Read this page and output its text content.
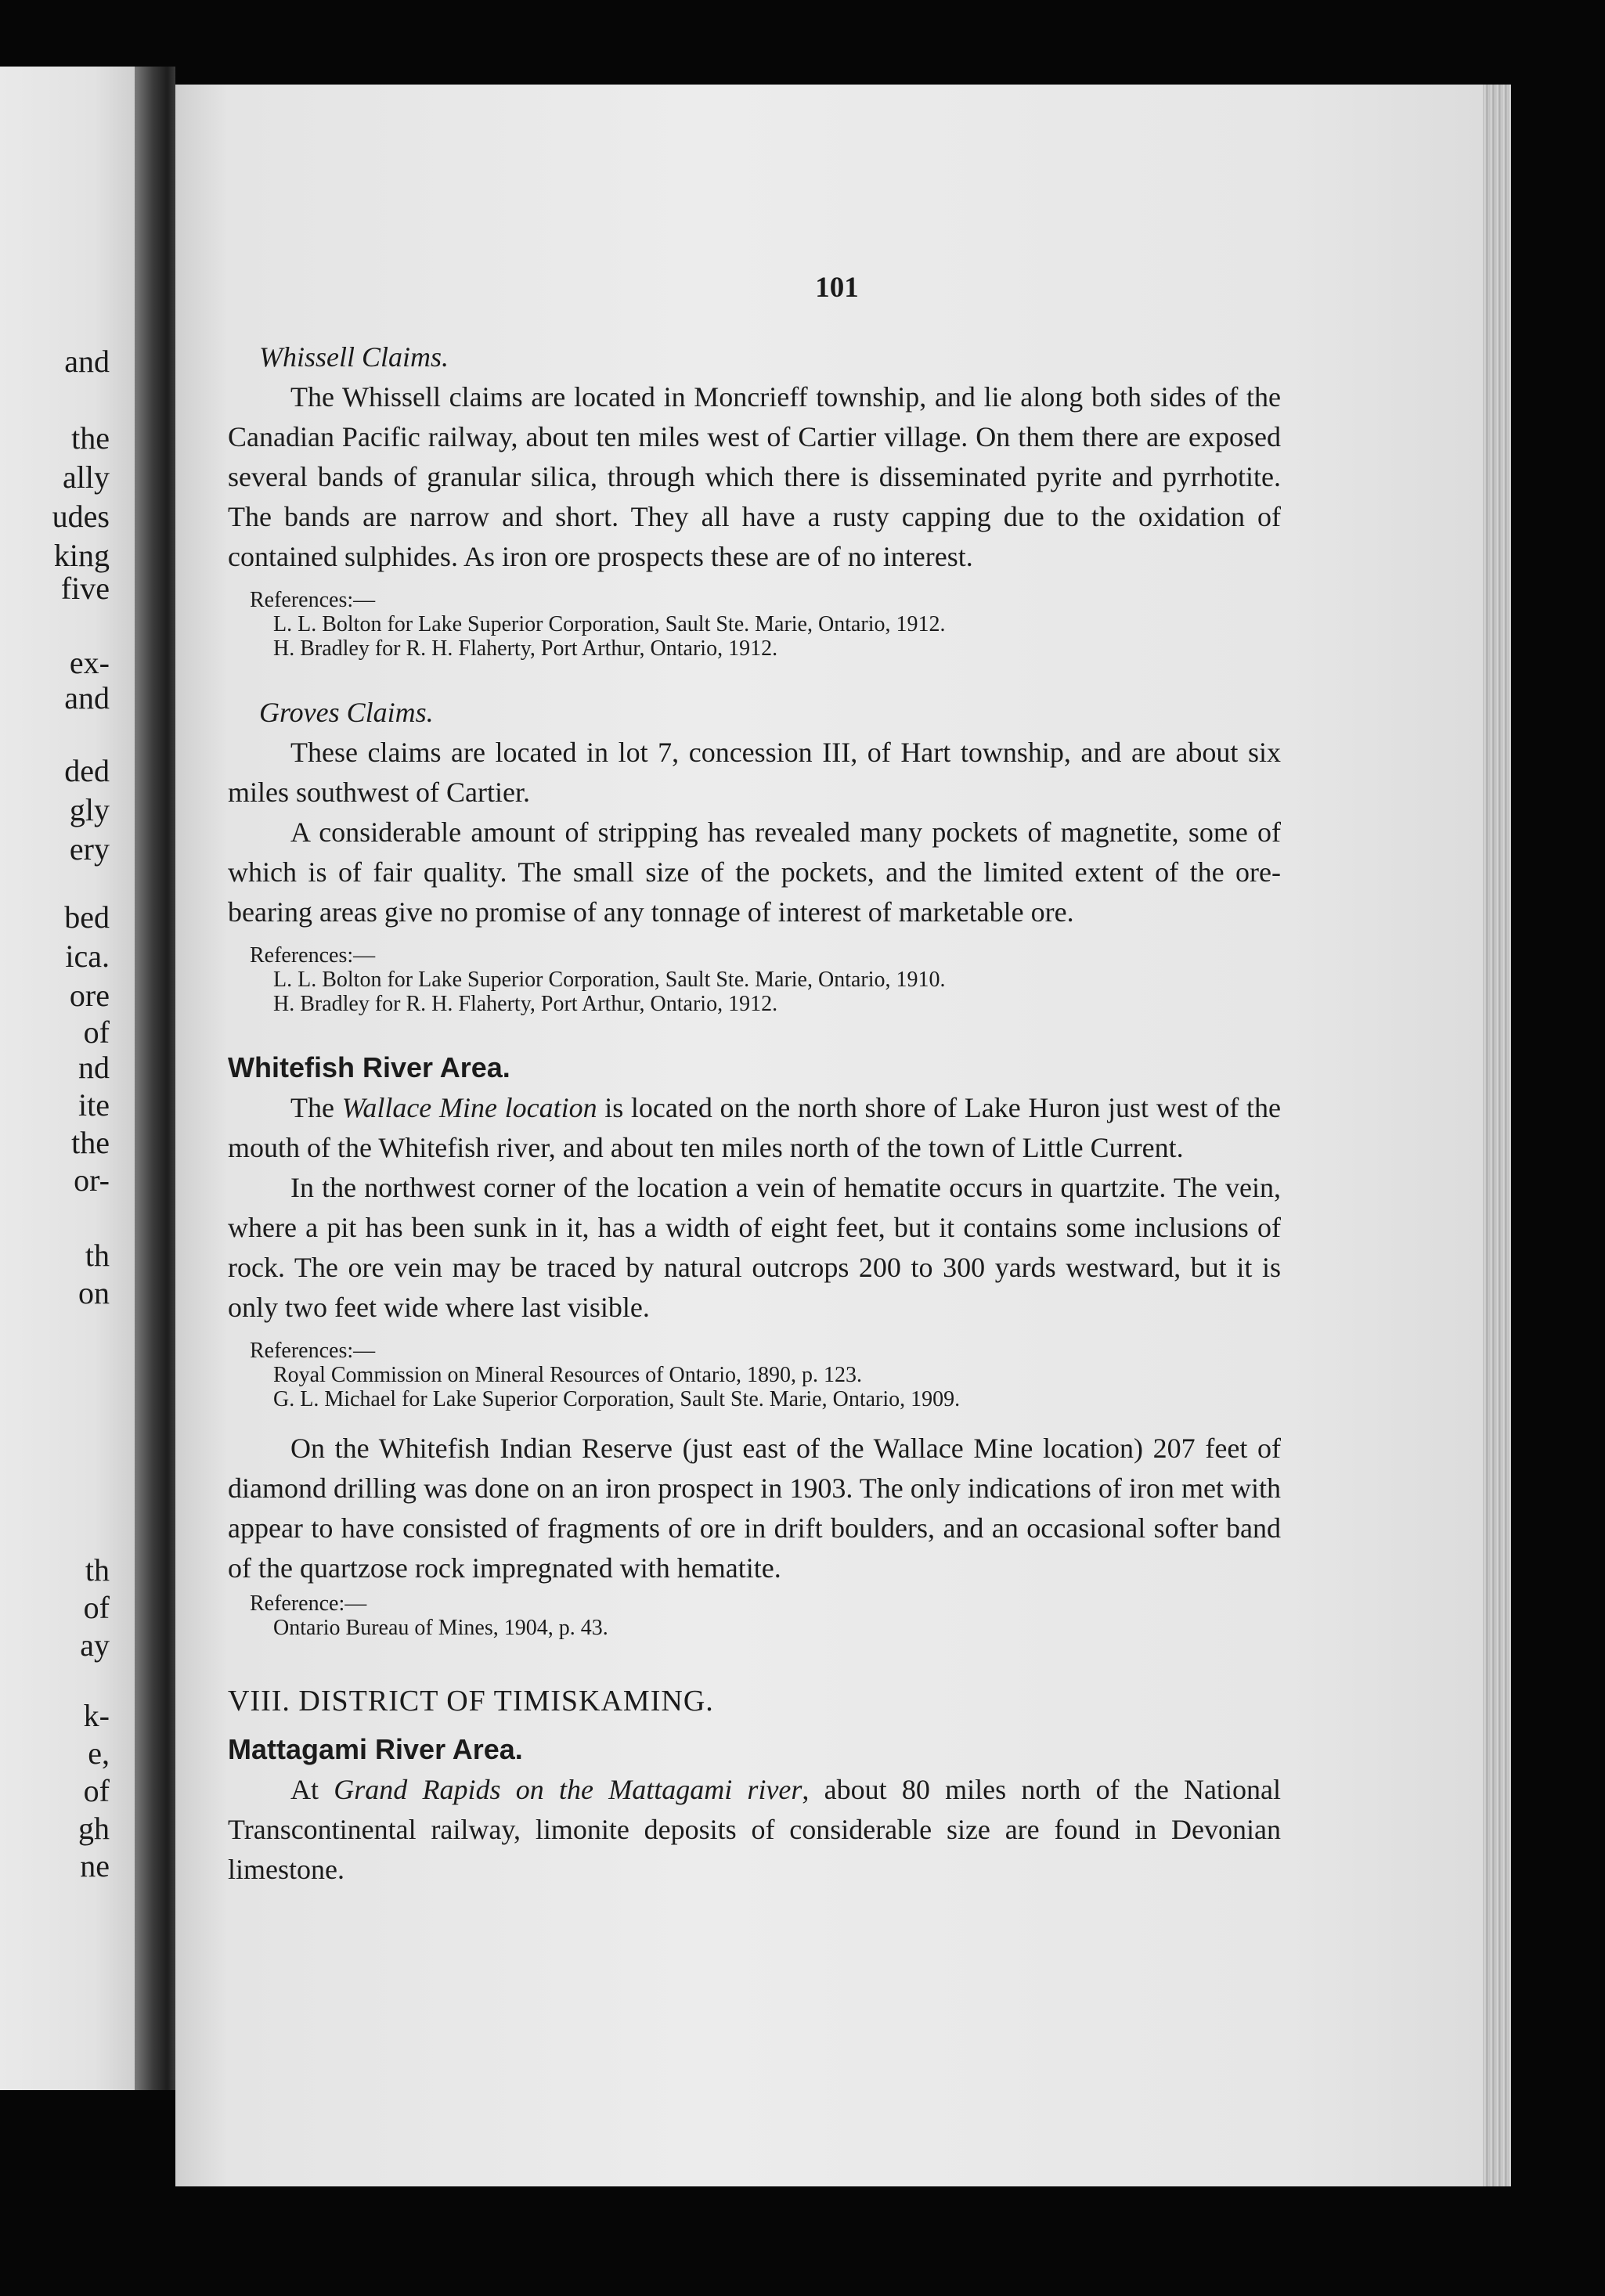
and
the
ally
udes
king
five
ex-
and
ded
gly
ery
bed
ica.
ore
of
nd
ite
the
or-
th
on
th
of
ay
k-
e,
of
gh
ne
101

Whissell Claims.

The Whissell claims are located in Moncrieff township, and lie along both sides of the Canadian Pacific railway, about ten miles west of Cartier village. On them there are exposed several bands of granular silica, through which there is disseminated pyrite and pyrrhotite. The bands are narrow and short. They all have a rusty capping due to the oxidation of contained sulphides. As iron ore prospects these are of no interest.

References:—
L. L. Bolton for Lake Superior Corporation, Sault Ste. Marie, Ontario, 1912.
H. Bradley for R. H. Flaherty, Port Arthur, Ontario, 1912.

Groves Claims.

These claims are located in lot 7, concession III, of Hart township, and are about six miles southwest of Cartier.

A considerable amount of stripping has revealed many pockets of magnetite, some of which is of fair quality. The small size of the pockets, and the limited extent of the ore-bearing areas give no promise of any tonnage of interest of marketable ore.

References:—
L. L. Bolton for Lake Superior Corporation, Sault Ste. Marie, Ontario, 1910.
H. Bradley for R. H. Flaherty, Port Arthur, Ontario, 1912.

Whitefish River Area.

The Wallace Mine location is located on the north shore of Lake Huron just west of the mouth of the Whitefish river, and about ten miles north of the town of Little Current.

In the northwest corner of the location a vein of hematite occurs in quartzite. The vein, where a pit has been sunk in it, has a width of eight feet, but it contains some inclusions of rock. The ore vein may be traced by natural outcrops 200 to 300 yards westward, but it is only two feet wide where last visible.

References:—
Royal Commission on Mineral Resources of Ontario, 1890, p. 123.
G. L. Michael for Lake Superior Corporation, Sault Ste. Marie, Ontario, 1909.

On the Whitefish Indian Reserve (just east of the Wallace Mine location) 207 feet of diamond drilling was done on an iron prospect in 1903. The only indications of iron met with appear to have consisted of fragments of ore in drift boulders, and an occasional softer band of the quartzose rock impregnated with hematite.

Reference:—
Ontario Bureau of Mines, 1904, p. 43.

VIII. DISTRICT OF TIMISKAMING.

Mattagami River Area.

At Grand Rapids on the Mattagami river, about 80 miles north of the National Transcontinental railway, limonite deposits of considerable size are found in Devonian limestone.
